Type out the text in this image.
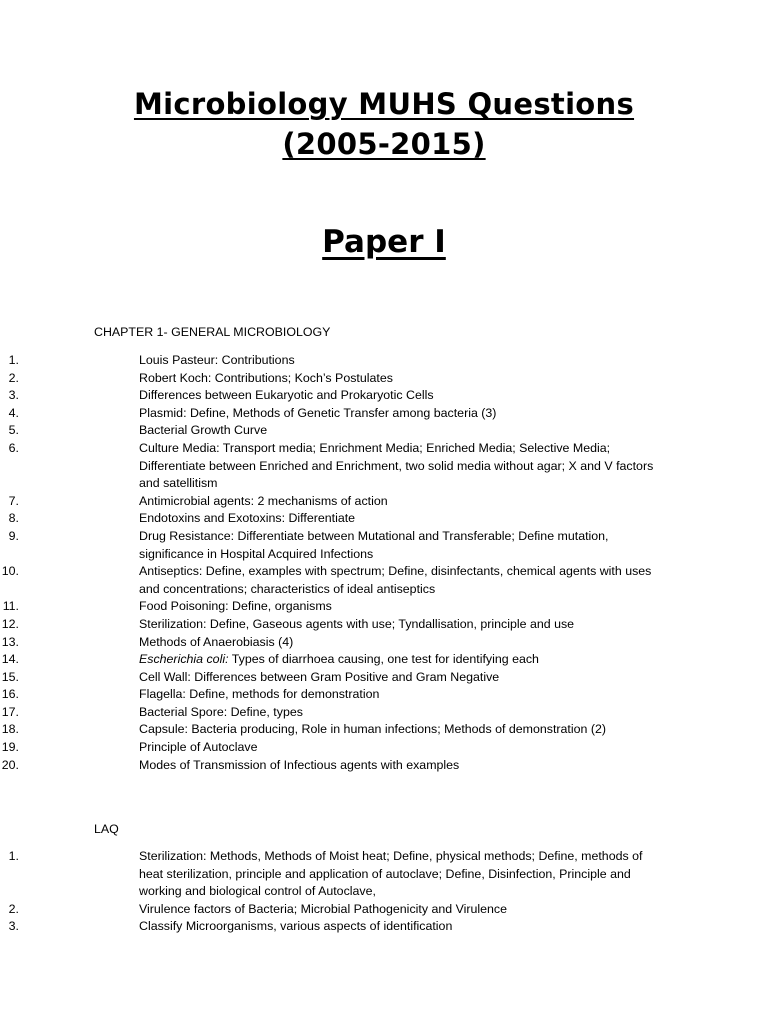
Microbiology MUHS Questions
(2005-2015)
Paper I
CHAPTER 1- GENERAL MICROBIOLOGY
1.	Louis Pasteur: Contributions
2.	Robert Koch: Contributions; Koch’s Postulates
3.	Differences between Eukaryotic and Prokaryotic Cells
4.	Plasmid: Define, Methods of Genetic Transfer among bacteria (3)
5.	Bacterial Growth Curve
6.	Culture Media: Transport media; Enrichment Media; Enriched Media; Selective Media; Differentiate between Enriched and Enrichment, two solid media without agar; X and V factors and satellitism
7.	Antimicrobial agents: 2 mechanisms of action
8.	Endotoxins and Exotoxins: Differentiate
9.	Drug Resistance: Differentiate between Mutational and Transferable; Define mutation, significance in Hospital Acquired Infections
10.	Antiseptics: Define, examples with spectrum; Define, disinfectants, chemical agents with uses and concentrations; characteristics of ideal antiseptics
11.	Food Poisoning: Define, organisms
12.	Sterilization: Define, Gaseous agents with use; Tyndallisation, principle and use
13.	Methods of Anaerobiasis (4)
14.	Escherichia coli: Types of diarrhoea causing, one test for identifying each
15.	Cell Wall: Differences between Gram Positive and Gram Negative
16.	Flagella: Define, methods for demonstration
17.	Bacterial Spore: Define, types
18.	Capsule: Bacteria producing, Role in human infections; Methods of demonstration (2)
19.	Principle of Autoclave
20.	Modes of Transmission of Infectious agents with examples
LAQ
1.	Sterilization: Methods, Methods of Moist heat; Define, physical methods; Define, methods of heat sterilization, principle and application of autoclave; Define, Disinfection, Principle and working and biological control of Autoclave,
2.	Virulence factors of Bacteria; Microbial Pathogenicity and Virulence
3.	Classify Microorganisms, various aspects of identification
